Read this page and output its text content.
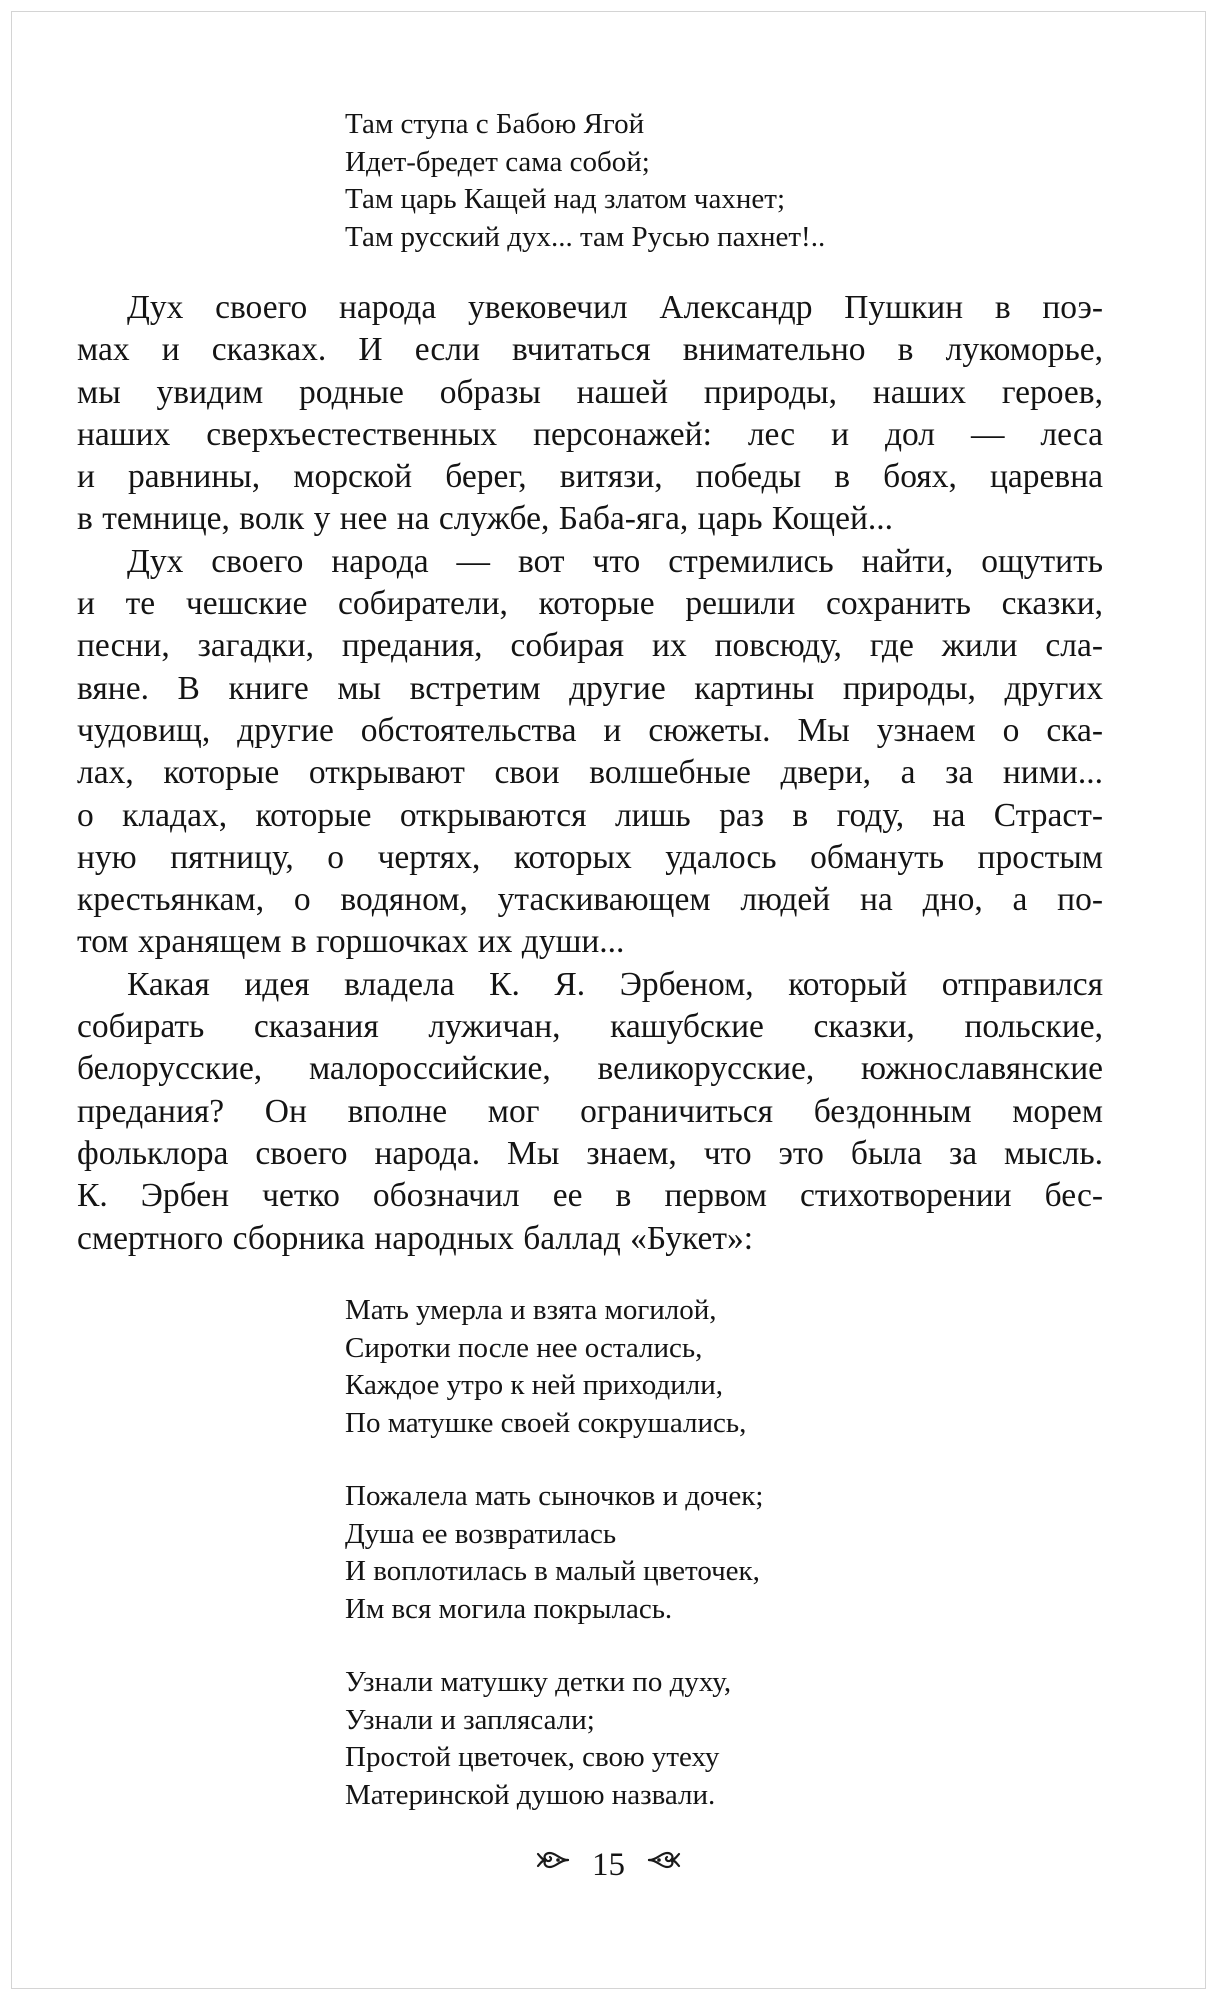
Там ступа с Бабою Ягой
Идет-бредет сама собой;
Там царь Кащей над златом чахнет;
Там русский дух... там Русью пахнет!..
Дух своего народа увековечил Александр Пушкин в поэ-
мах и сказках. И если вчитаться внимательно в лукоморье,
мы увидим родные образы нашей природы, наших героев,
наших сверхъестественных персонажей: лес и дол — леса
и равнины, морской берег, витязи, победы в боях, царевна
в темнице, волк у нее на службе, Баба-яга, царь Кощей...
Дух своего народа — вот что стремились найти, ощутить
и те чешские собиратели, которые решили сохранить сказки,
песни, загадки, предания, собирая их повсюду, где жили сла-
вяне. В книге мы встретим другие картины природы, других
чудовищ, другие обстоятельства и сюжеты. Мы узнаем о ска-
лах, которые открывают свои волшебные двери, а за ними...
о кладах, которые открываются лишь раз в году, на Страст-
ную пятницу, о чертях, которых удалось обмануть простым
крестьянкам, о водяном, утаскивающем людей на дно, а по-
том хранящем в горшочках их души...
Какая идея владела К. Я. Эрбеном, который отправился
собирать сказания лужичан, кашубские сказки, польские,
белорусские, малороссийские, великорусские, южнославянские
предания? Он вполне мог ограничиться бездонным морем
фольклора своего народа. Мы знаем, что это была за мысль.
К. Эрбен четко обозначил ее в первом стихотворении бес-
смертного сборника народных баллад «Букет»:
Мать умерла и взята могилой,
Сиротки после нее остались,
Каждое утро к ней приходили,
По матушке своей сокрушались,
Пожалела мать сыночков и дочек;
Душа ее возвратилась
И воплотилась в малый цветочек,
Им вся могила покрылась.
Узнали матушку детки по духу,
Узнали и заплясали;
Простой цветочек, свою утеху
Материнской душою назвали.
15
